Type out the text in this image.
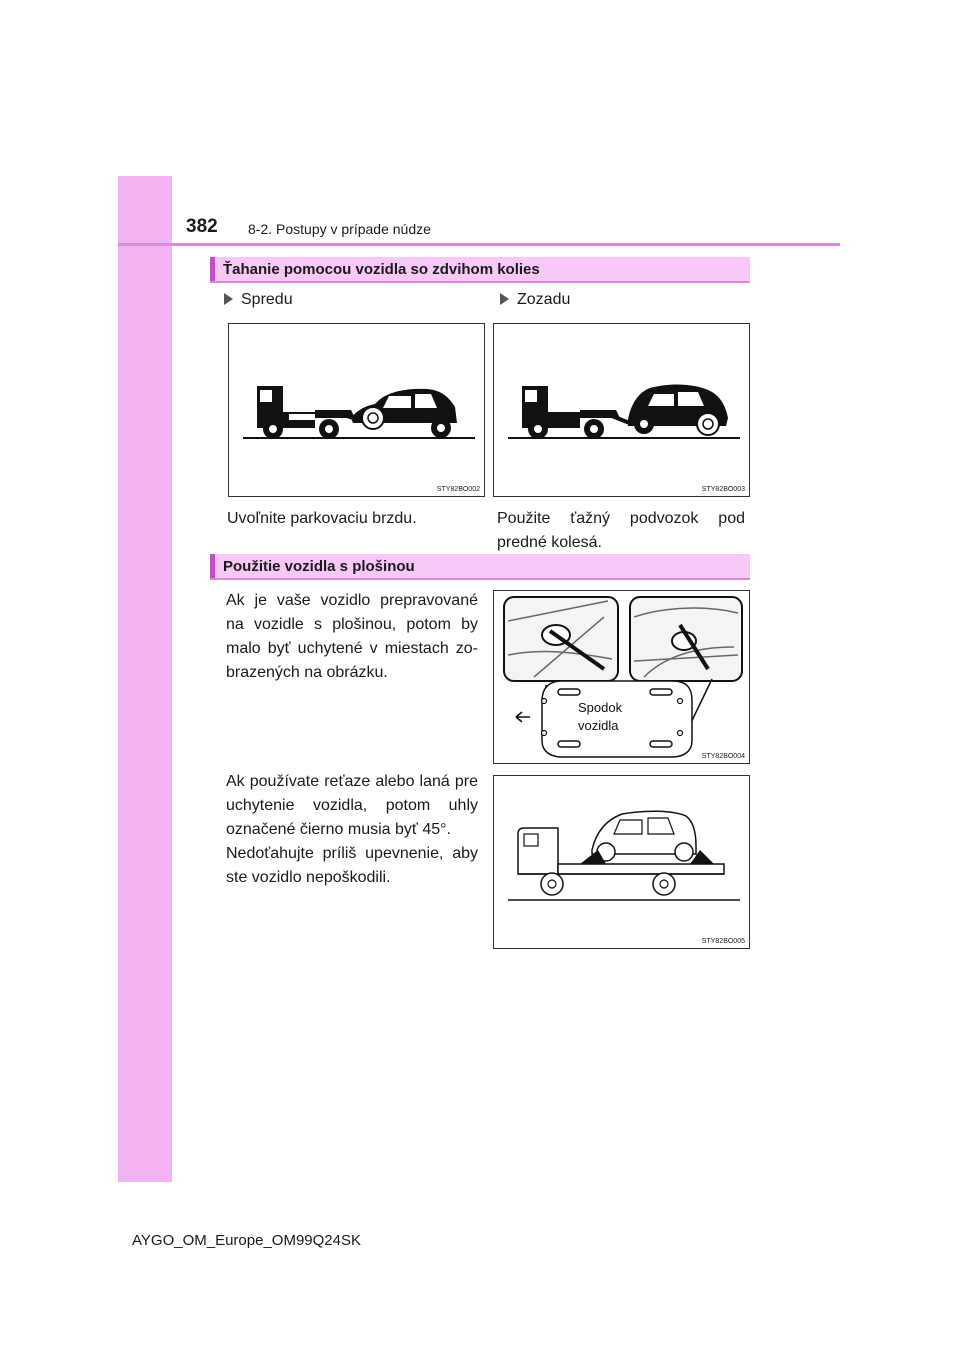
382 8-2. Postupy v prípade núdze
Ťahanie pomocou vozidla so zdvihom kolies
Spredu	Zozadu
STY82BO002	STY82BO003
Uvoľnite parkovaciu brzdu.	Použite ťažný podvozok pod predné kolesá.
Použitie vozidla s plošinou
Ak je vaše vozidlo prepravované na vozidle s plošinou, potom by malo byť uchytené v miestach zo-brazených na obrázku.
Spodok
vozidla
STY82BO004
Ak používate reťaze alebo laná pre uchytenie vozidla, potom uhly označené čierno musia byť 45°.
Nedoťahujte príliš upevnenie, aby ste vozidlo nepoškodili.
STY82BO005
AYGO_OM_Europe_OM99Q24SK
